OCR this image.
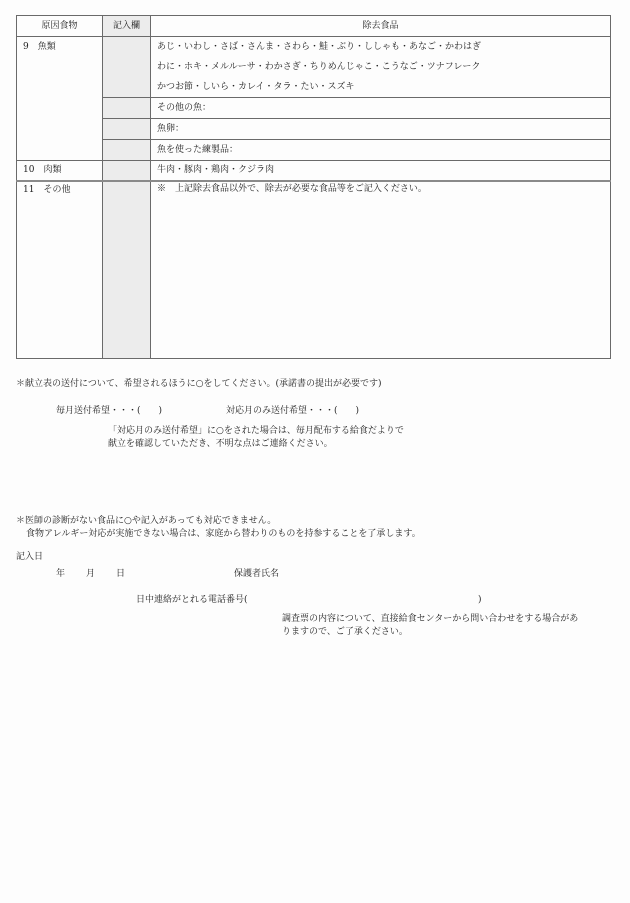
原因食物	記入欄	除去食品
9　魚類		あじ・いわし・さば・さんま・さわら・鮭・ぶり・ししゃも・あなご・かわはぎ
わに・ホキ・メルルーサ・わかさぎ・ちりめんじゃこ・こうなご・ツナフレーク
かつお節・しいら・カレイ・タラ・たい・スズキ

		その他の魚：
		魚卵：
		魚を使った練製品：
10　肉類		牛肉・豚肉・鶏肉・クジラ肉
11　その他		※　上記除去食品以外で、除去が必要な食品等をご記入ください。
＊献立表の送付について、希望されるほうに○をしてください。(承諾書の提出が必要です)
毎月送付希望・・・(　　)	対応月のみ送付希望・・・(　　)
「対応月のみ送付希望」に○をされた場合は、毎月配布する給食だよりで
献立を確認していただき、不明な点はご連絡ください。
＊医師の診断がない食品に○や記入があっても対応できません。
食物アレルギー対応が実施できない場合は、家庭から替わりのものを持参することを了承します。
記入日
年 月 日	保護者氏名
日中連絡がとれる電話番号(	)
調査票の内容について、直接給食センターから問い合わせをする場合があ
りますので、ご了承ください。
